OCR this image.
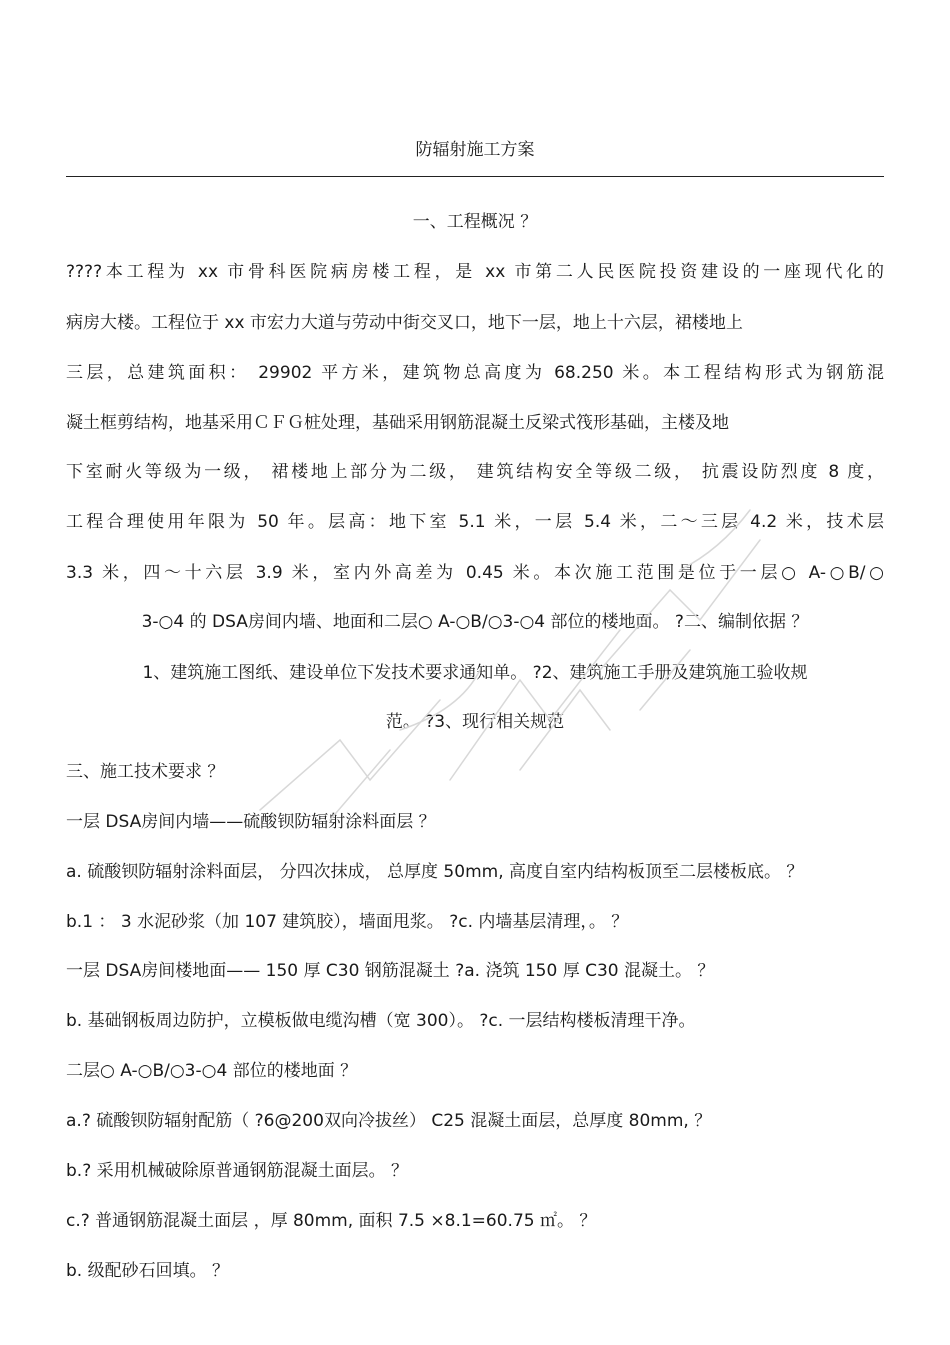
防辐射施工方案
一、工程概况 ？
????本工程为 xx 市骨科医院病房楼工程，是 xx 市第二人民医院投资建设的一座现代化的
病房大楼。工程位于 xx 市宏力大道与劳动中街交叉口，地下一层，地上十六层，裙楼地上
三层，总建筑面积： 29902 平方米，建筑物总高度为 68.250 米。本工程结构形式为钢筋混
凝土框剪结构，地基采用ＣＦＧ桩处理，基础采用钢筋混凝土反梁式筏形基础，主楼及地
下室耐火等级为一级， 裙楼地上部分为二级， 建筑结构安全等级二级， 抗震设防烈度 8 度，
工程合理使用年限为 50 年。层高：地下室 5.1 米，一层 5.4 米，二～三层 4.2 米，技术层
3.3 米，四～十六层 3.9 米，室内外高差为 0.45 米。本次施工范围是位于一层○ A-○B/○
3-○4 的 DSA房间内墙、地面和二层○ A-○B/○3-○4 部位的楼地面。 ?二、编制依据 ？
1、建筑施工图纸、建设单位下发技术要求通知单。 ?2、建筑施工手册及建筑施工验收规
范。 ?3、现行相关规范
三、施工技术要求 ？
一层 DSA房间内墙——硫酸钡防辐射涂料面层 ？
a. 硫酸钡防辐射涂料面层， 分四次抹成， 总厚度 50mm, 高度自室内结构板顶至二层楼板底。 ？
b.1 ： 3 水泥砂浆（加 107 建筑胶），墙面甩浆。 ?c. 内墙基层清理，。 ？
一层 DSA房间楼地面—— 150 厚 C30 钢筋混凝土 ?a. 浇筑 150 厚 C30 混凝土。 ？
b. 基础钢板周边防护，立模板做电缆沟槽（宽 300）。 ?c. 一层结构楼板清理干净。
二层○ A-○B/○3-○4 部位的楼地面 ？
a.? 硫酸钡防辐射配筋（ ?6@200双向冷拔丝） C25 混凝土面层，总厚度 80mm, ？
b.? 采用机械破除原普通钢筋混凝土面层。 ？
c.? 普通钢筋混凝土面层 ，厚 80mm, 面积 7.5 ×8.1=60.75 ㎡。 ？
b. 级配砂石回填。 ？
